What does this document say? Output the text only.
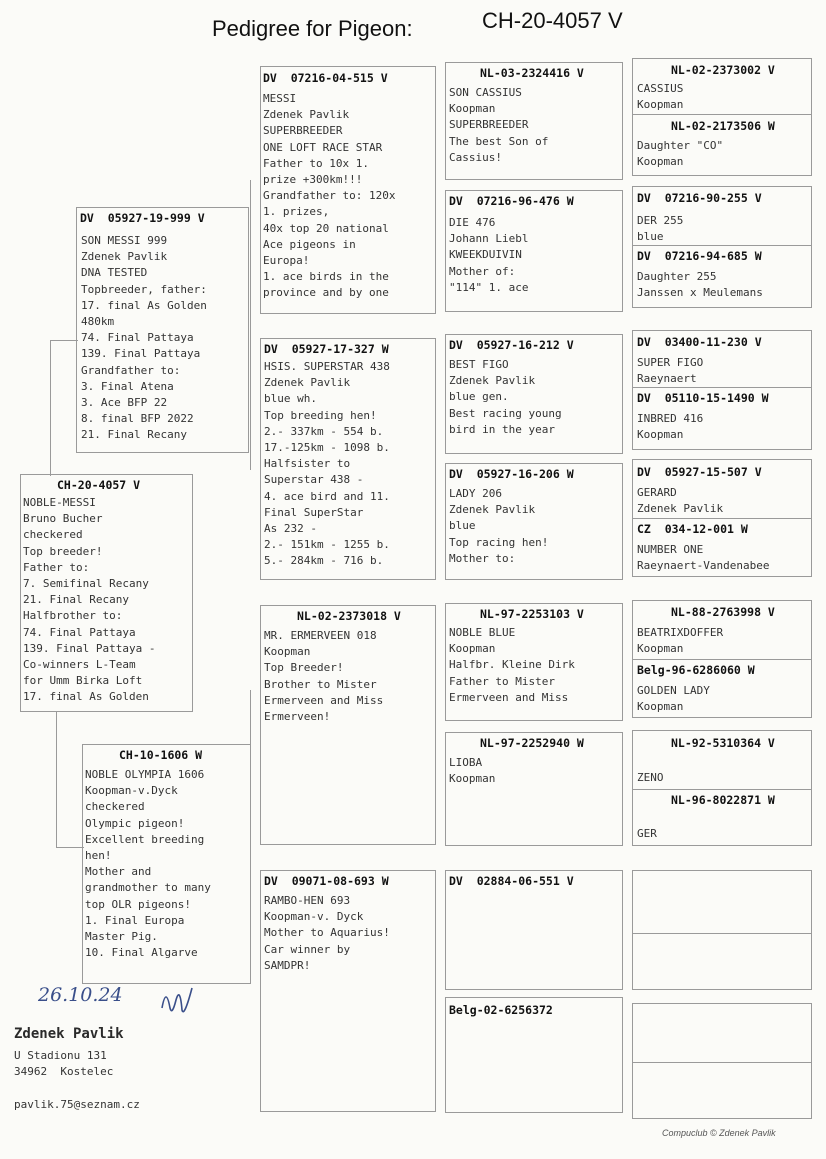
Pedigree for Pigeon:	CH-20-4057 V
CH-20-4057 V
NOBLE-MESSI
Bruno Bucher
checkered
Top breeder!
Father to:
7. Semifinal Recany
21. Final Recany
Halfbrother to:
74. Final Pattaya
139. Final Pattaya -
Co-winners L-Team
for Umm Birka Loft
17. final As Golden
DV  05927-19-999 V
SON MESSI 999
Zdenek Pavlik
DNA TESTED
Topbreeder, father:
17. final As Golden
480km
74. Final Pattaya
139. Final Pattaya
Grandfather to:
3. Final Atena
3. Ace BFP 22
8. final BFP 2022
21. Final Recany
CH-10-1606 W
NOBLE OLYMPIA 1606
Koopman-v.Dyck
checkered
Olympic pigeon!
Excellent breeding
hen!
Mother and
grandmother to many
top OLR pigeons!
1. Final Europa
Master Pig.
10. Final Algarve
DV  07216-04-515 V
MESSI
Zdenek Pavlik
SUPERBREEDER
ONE LOFT RACE STAR
Father to 10x 1.
prize +300km!!!
Grandfather to: 120x
1. prizes,
40x top 20 national
Ace pigeons in
Europa!
1. ace birds in the
province and by one
DV  05927-17-327 W
HSIS. SUPERSTAR 438
Zdenek Pavlik
blue wh.
Top breeding hen!
2.- 337km - 554 b.
17.-125km - 1098 b.
Halfsister to
Superstar 438 -
4. ace bird and 11.
Final SuperStar
As 232 -
2.- 151km - 1255 b.
5.- 284km - 716 b.
NL-02-2373018 V
MR. ERMERVEEN 018
Koopman
Top Breeder!
Brother to Mister
Ermerveen and Miss
Ermerveen!
DV  09071-08-693 W
RAMBO-HEN 693
Koopman-v. Dyck
Mother to Aquarius!
Car winner by
SAMDPR!
NL-03-2324416 V
SON CASSIUS
Koopman
SUPERBREEDER
The best Son of
Cassius!
DV  07216-96-476 W
DIE 476
Johann Liebl
KWEEKDUIVIN
Mother of:
"114" 1. ace
DV  05927-16-212 V
BEST FIGO
Zdenek Pavlik
blue gen.
Best racing young
bird in the year
DV  05927-16-206 W
LADY 206
Zdenek Pavlik
blue
Top racing hen!
Mother to:
NL-97-2253103 V
NOBLE BLUE
Koopman
Halfbr. Kleine Dirk
Father to Mister
Ermerveen and Miss
NL-97-2252940 W
LIOBA
Koopman
DV  02884-06-551 V
Belg-02-6256372
NL-02-2373002 V
CASSIUS
Koopman
NL-02-2173506 W
Daughter "CO"
Koopman
DV  07216-90-255 V
DER 255
blue
DV  07216-94-685 W
Daughter 255
Janssen x Meulemans
DV  03400-11-230 V
SUPER FIGO
Raeynaert
DV  05110-15-1490 W
INBRED 416
Koopman
DV  05927-15-507 V
GERARD
Zdenek Pavlik
CZ  034-12-001 W
NUMBER ONE
Raeynaert-Vandenabee
NL-88-2763998 V
BEATRIXDOFFER
Koopman
Belg-96-6286060 W
GOLDEN LADY
Koopman
NL-92-5310364 V
ZENO
NL-96-8022871 W
GER
26.10.24
Zdenek Pavlik
U Stadionu 131
34962  Kostelec
pavlik.75@seznam.cz
Compuclub © Zdenek Pavlik
